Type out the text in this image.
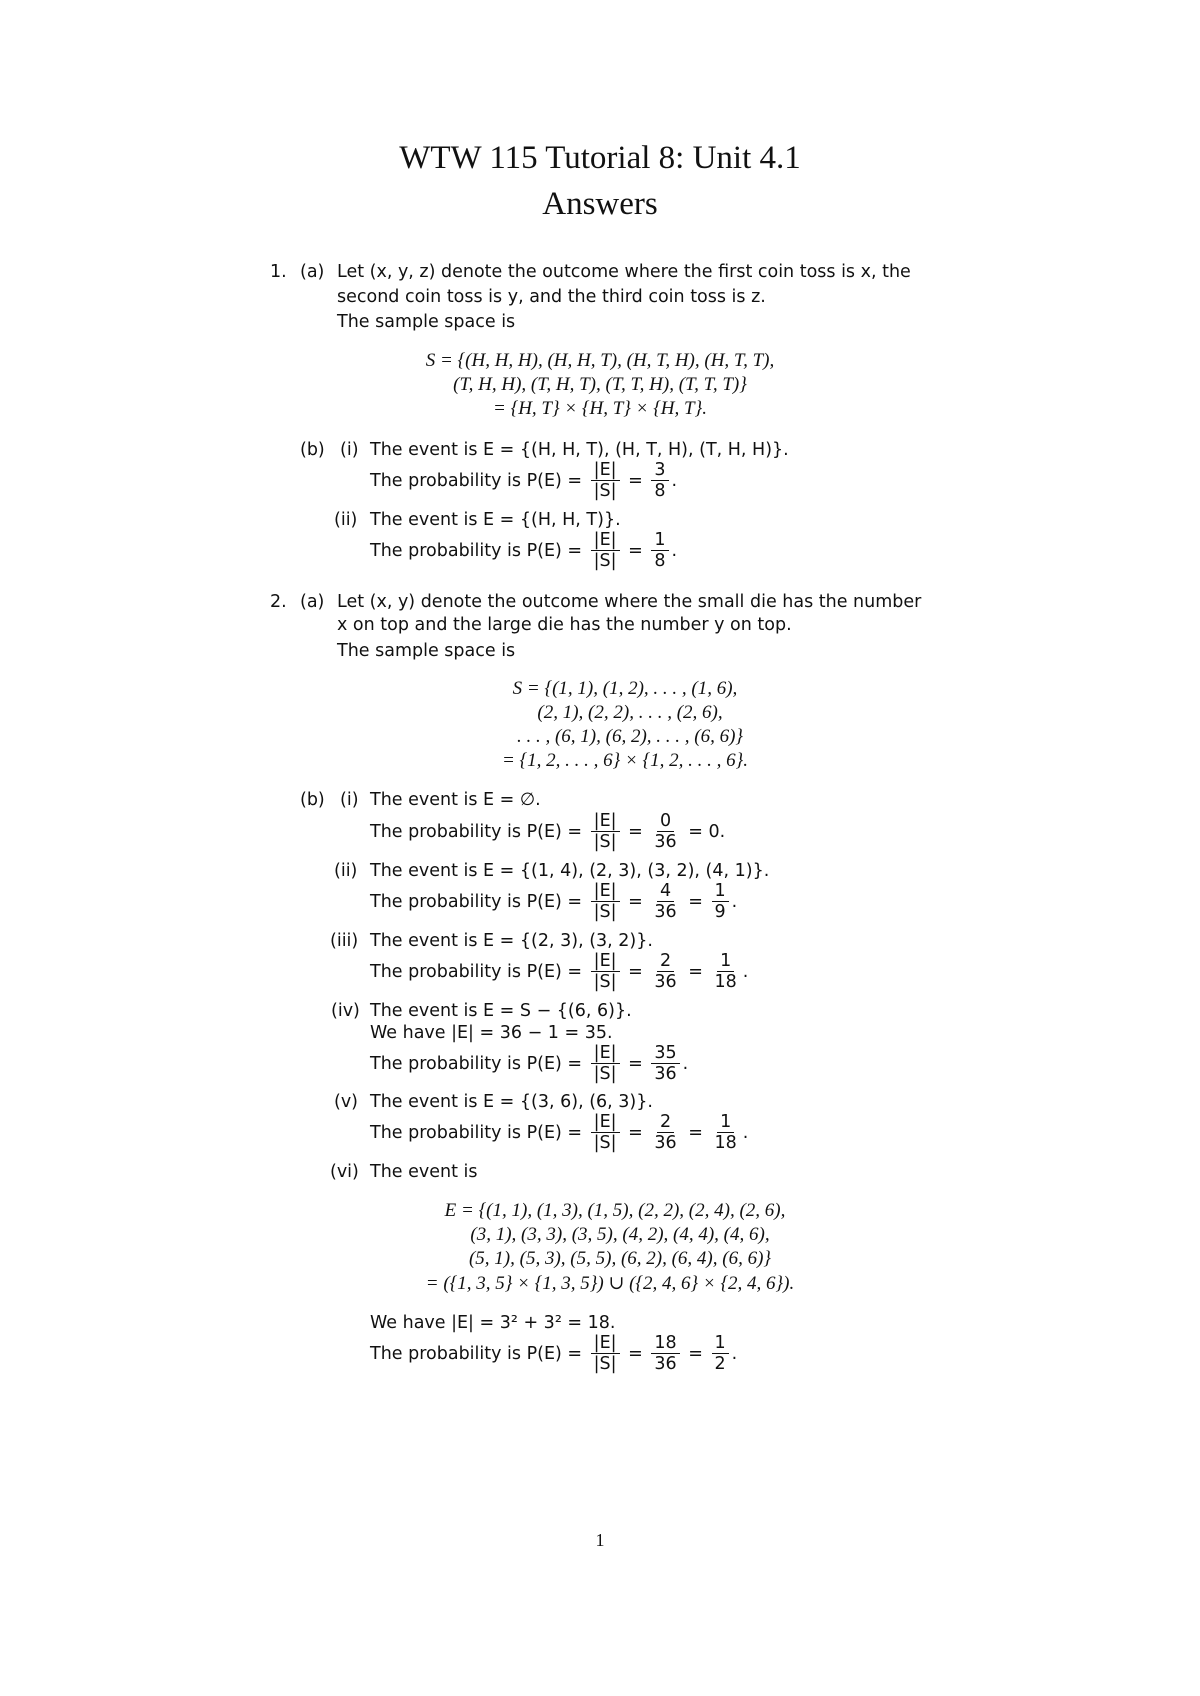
WTW 115 Tutorial 8: Unit 4.1
Answers
1. (a) Let (x, y, z) denote the outcome where the first coin toss is x, the
second coin toss is y, and the third coin toss is z.
The sample space is
S = {(H, H, H), (H, H, T), (H, T, H), (H, T, T),
(T, H, H), (T, H, T), (T, T, H), (T, T, T)}
= {H, T} × {H, T} × {H, T}.
(b) (i) The event is E = {(H, H, T), (H, T, H), (T, H, H)}.
The probability is $P(E) = \frac{|E|}{|S|} = \frac{3}{8}$ .
(ii) The event is E = {(H, H, T)}.
The probability is $P(E) = \frac{|E|}{|S|} = \frac{1}{8}$ .
2. (a) Let (x, y) denote the outcome where the small die has the number
x on top and the large die has the number y on top.
The sample space is
S = {(1, 1), (1, 2), . . . , (1, 6),
(2, 1), (2, 2), . . . , (2, 6),
. . . , (6, 1), (6, 2), . . . , (6, 6)}
= {1, 2, . . . , 6} × {1, 2, . . . , 6}.
(b) (i) The event is E = ∅.
The probability is $P(E) = \frac{|E|}{|S|} = \frac{0}{36} = 0$.
(ii) The event is E = {(1, 4), (2, 3), (3, 2), (4, 1)}.
The probability is $P(E) = \frac{|E|}{|S|} = \frac{4}{36} = \frac{1}{9}$ .
(iii) The event is E = {(2, 3), (3, 2)}.
The probability is $P(E) = \frac{|E|}{|S|} = \frac{2}{36} = \frac{1}{18}$ .
(iv) The event is E = S − {(6, 6)}.
We have |E| = 36 − 1 = 35.
The probability is $P(E) = \frac{|E|}{|S|} = \frac{35}{36}$ .
(v) The event is E = {(3, 6), (6, 3)}.
The probability is $P(E) = \frac{|E|}{|S|} = \frac{2}{36} = \frac{1}{18}$ .
(vi) The event is
E = {(1, 1), (1, 3), (1, 5), (2, 2), (2, 4), (2, 6),
(3, 1), (3, 3), (3, 5), (4, 2), (4, 4), (4, 6),
(5, 1), (5, 3), (5, 5), (6, 2), (6, 4), (6, 6)}
= ({1, 3, 5} × {1, 3, 5}) ∪ ({2, 4, 6} × {2, 4, 6}).
We have |E| = 3² + 3² = 18.
The probability is $P(E) = \frac{|E|}{|S|} = \frac{18}{36} = \frac{1}{2}$ .
1
